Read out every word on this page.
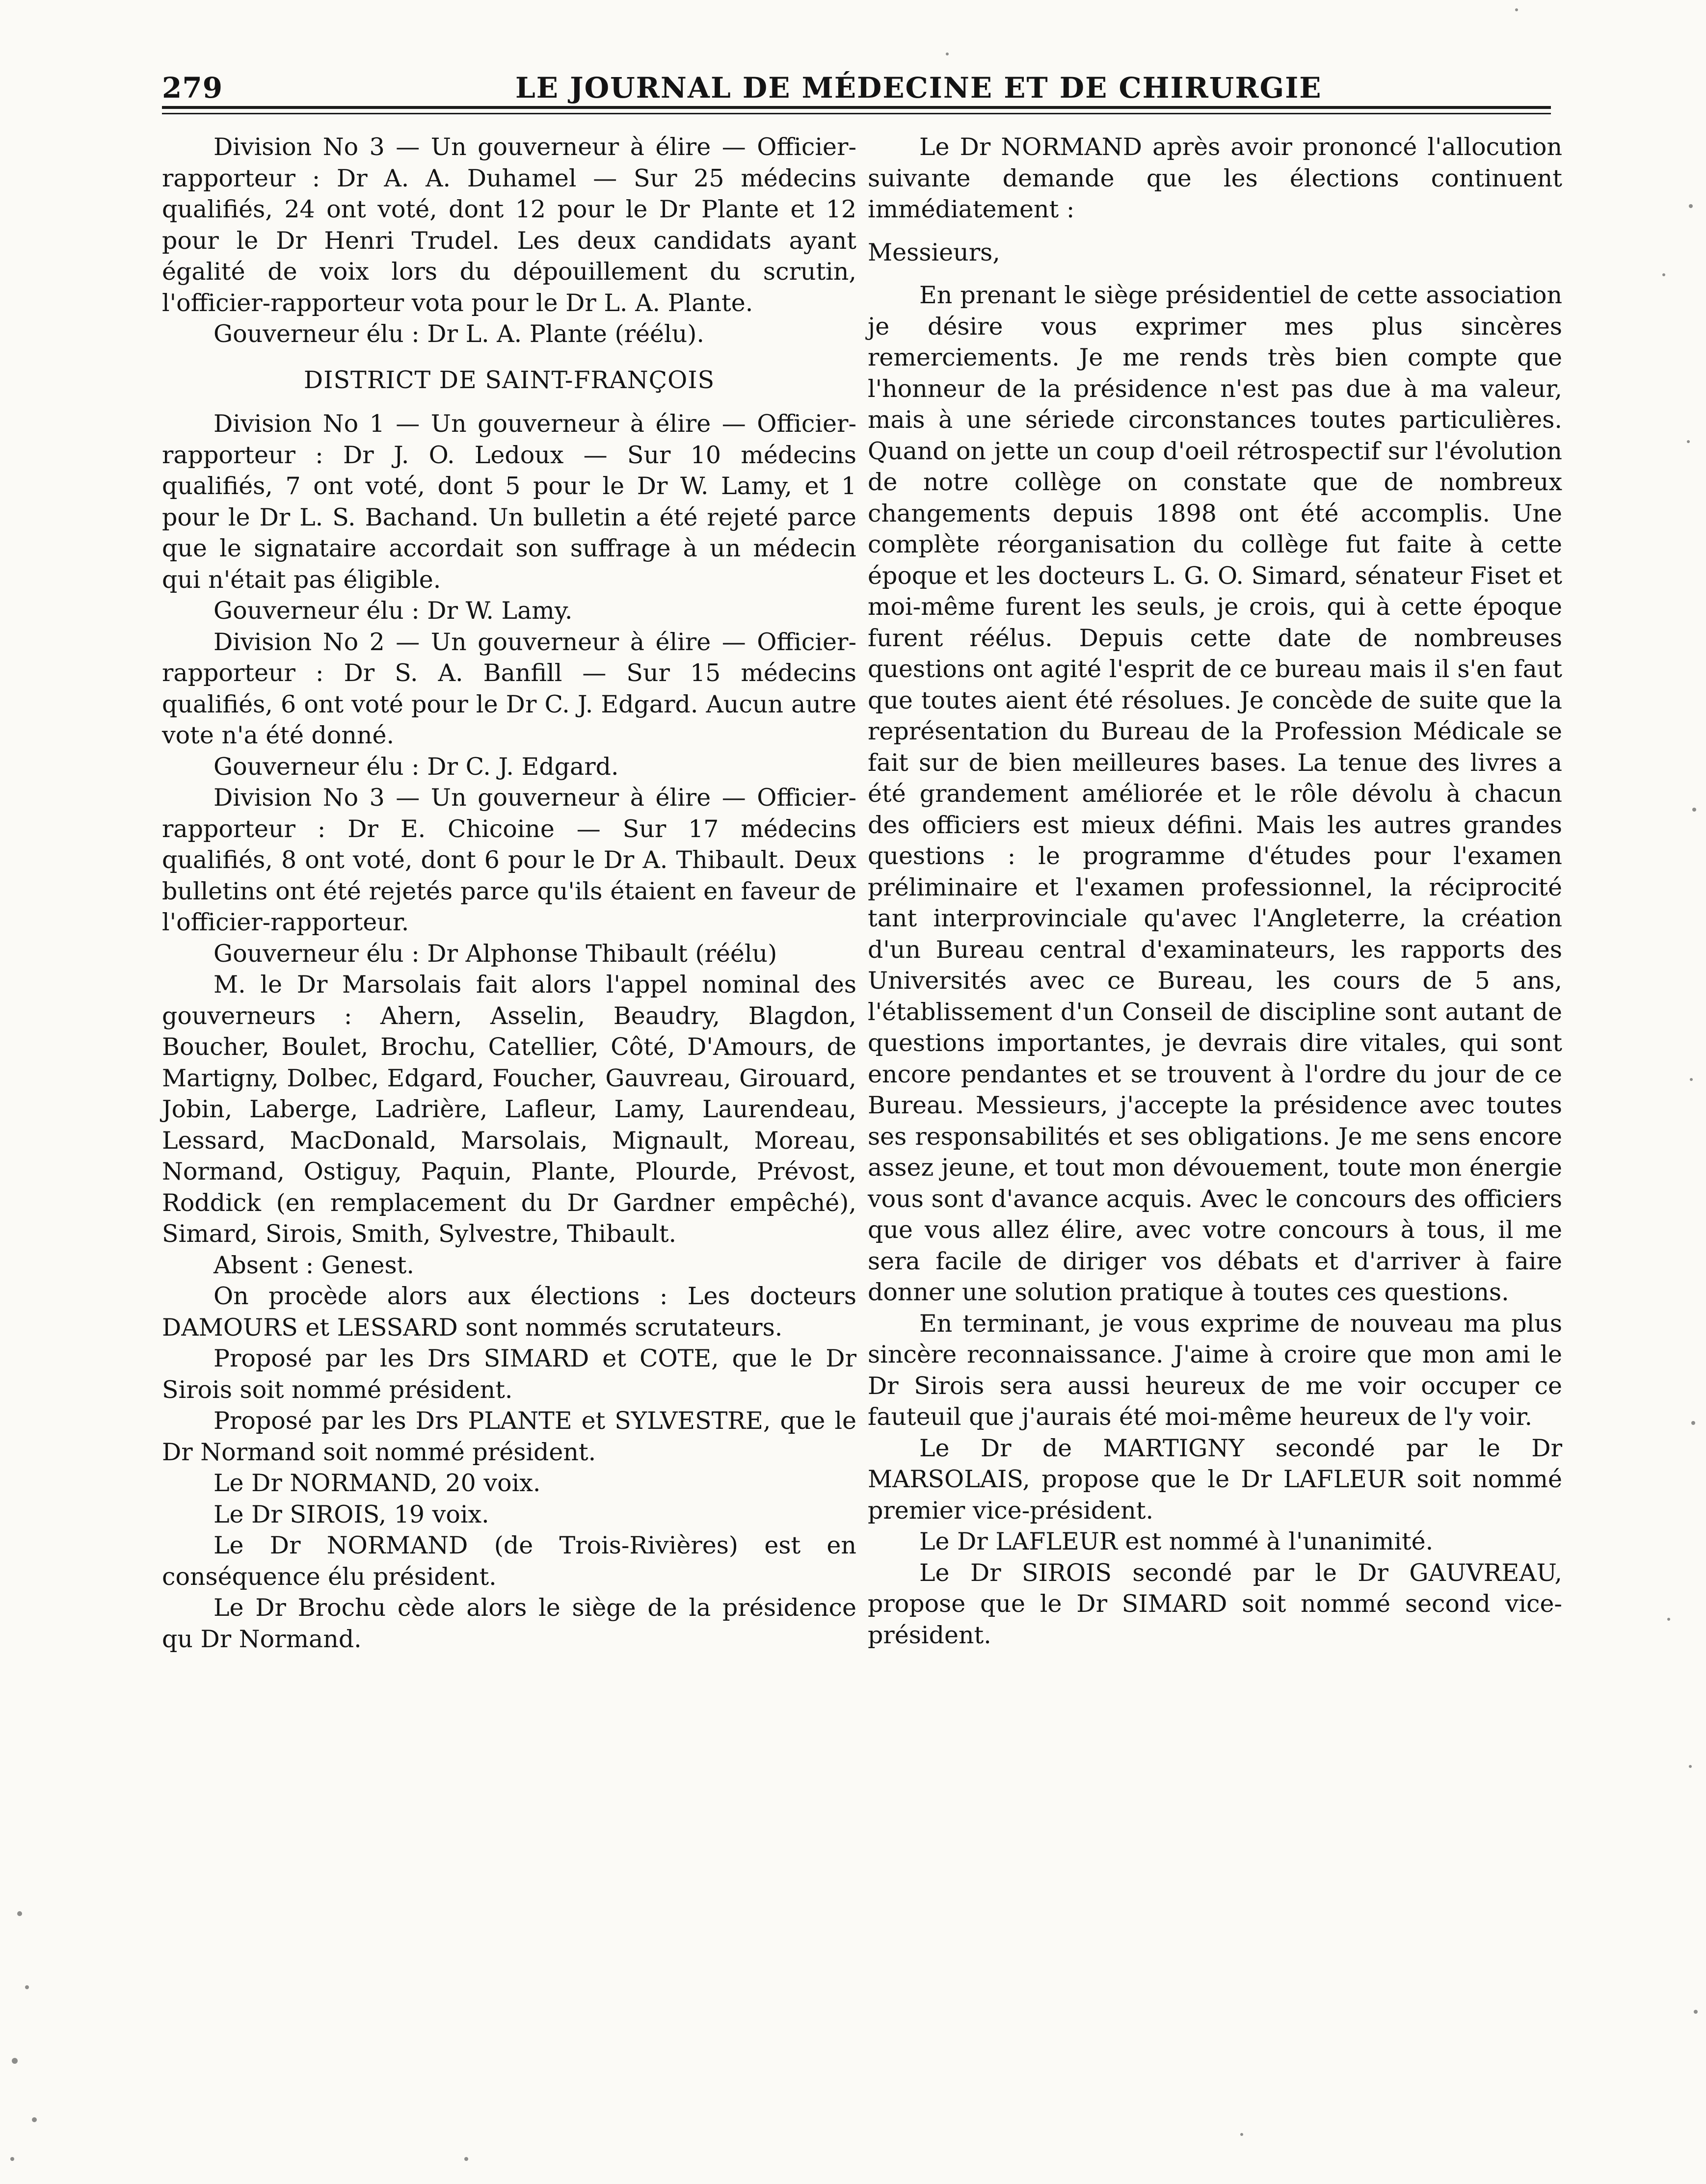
279	LE JOURNAL DE MÉDECINE ET DE CHIRURGIE

Division No 3 — Un gouverneur à élire — Officier-rapporteur : Dr A. A. Duhamel — Sur 25 médecins qualifiés, 24 ont voté, dont 12 pour le Dr Plante et 12 pour le Dr Henri Trudel. Les deux candidats ayant égalité de voix lors du dépouillement du scrutin, l'officier-rapporteur vota pour le Dr L. A. Plante.

Gouverneur élu : Dr L. A. Plante (réélu).

DISTRICT DE SAINT-FRANÇOIS

Division No 1 — Un gouverneur à élire — Officier-rapporteur : Dr J. O. Ledoux — Sur 10 médecins qualifiés, 7 ont voté, dont 5 pour le Dr W. Lamy, et 1 pour le Dr L. S. Bachand. Un bulletin a été rejeté parce que le signataire accordait son suffrage à un médecin qui n'était pas éligible.

Gouverneur élu : Dr W. Lamy.

Division No 2 — Un gouverneur à élire — Officier-rapporteur : Dr S. A. Banfill — Sur 15 médecins qualifiés, 6 ont voté pour le Dr C. J. Edgard. Aucun autre vote n'a été donné.

Gouverneur élu : Dr C. J. Edgard.

Division No 3 — Un gouverneur à élire — Officier-rapporteur : Dr E. Chicoine — Sur 17 médecins qualifiés, 8 ont voté, dont 6 pour le Dr A. Thibault. Deux bulletins ont été rejetés parce qu'ils étaient en faveur de l'officier-rapporteur.

Gouverneur élu : Dr Alphonse Thibault (réélu)

M. le Dr Marsolais fait alors l'appel nominal des gouverneurs : Ahern, Asselin, Beaudry, Blagdon, Boucher, Boulet, Brochu, Catellier, Côté, D'Amours, de Martigny, Dolbec, Edgard, Foucher, Gauvreau, Girouard, Jobin, Laberge, Ladrière, Lafleur, Lamy, Laurendeau, Lessard, MacDonald, Marsolais, Mignault, Moreau, Normand, Ostiguy, Paquin, Plante, Plourde, Prévost, Roddick (en remplacement du Dr Gardner empêché), Simard, Sirois, Smith, Sylvestre, Thibault.

Absent : Genest.

On procède alors aux élections : Les docteurs DAMOURS et LESSARD sont nommés scrutateurs.

Proposé par les Drs SIMARD et COTE, que le Dr Sirois soit nommé président.

Proposé par les Drs PLANTE et SYLVESTRE, que le Dr Normand soit nommé président.

Le Dr NORMAND, 20 voix.

Le Dr SIROIS, 19 voix.

Le Dr NORMAND (de Trois-Rivières) est en conséquence élu président.

Le Dr Brochu cède alors le siège de la présidence qu Dr Normand.

Le Dr NORMAND après avoir prononcé l'allocution suivante demande que les élections continuent immédiatement :

Messieurs,

En prenant le siège présidentiel de cette association je désire vous exprimer mes plus sincères remerciements. Je me rends très bien compte que l'honneur de la présidence n'est pas due à ma valeur, mais à une sériede circonstances toutes particulières. Quand on jette un coup d'oeil rétrospectif sur l'évolution de notre collège on constate que de nombreux changements depuis 1898 ont été accomplis. Une complète réorganisation du collège fut faite à cette époque et les docteurs L. G. O. Simard, sénateur Fiset et moi-même furent les seuls, je crois, qui à cette époque furent réélus. Depuis cette date de nombreuses questions ont agité l'esprit de ce bureau mais il s'en faut que toutes aient été résolues. Je concède de suite que la représentation du Bureau de la Profession Médicale se fait sur de bien meilleures bases. La tenue des livres a été grandement améliorée et le rôle dévolu à chacun des officiers est mieux défini. Mais les autres grandes questions : le programme d'études pour l'examen préliminaire et l'examen professionnel, la réciprocité tant interprovinciale qu'avec l'Angleterre, la création d'un Bureau central d'examinateurs, les rapports des Universités avec ce Bureau, les cours de 5 ans, l'établissement d'un Conseil de discipline sont autant de questions importantes, je devrais dire vitales, qui sont encore pendantes et se trouvent à l'ordre du jour de ce Bureau. Messieurs, j'accepte la présidence avec toutes ses responsabilités et ses obligations. Je me sens encore assez jeune, et tout mon dévouement, toute mon énergie vous sont d'avance acquis. Avec le concours des officiers que vous allez élire, avec votre concours à tous, il me sera facile de diriger vos débats et d'arriver à faire donner une solution pratique à toutes ces questions.

En terminant, je vous exprime de nouveau ma plus sincère reconnaissance. J'aime à croire que mon ami le Dr Sirois sera aussi heureux de me voir occuper ce fauteuil que j'aurais été moi-même heureux de l'y voir.

Le Dr de MARTIGNY secondé par le Dr MARSOLAIS, propose que le Dr LAFLEUR soit nommé premier vice-président.

Le Dr LAFLEUR est nommé à l'unanimité.

Le Dr SIROIS secondé par le Dr GAUVREAU, propose que le Dr SIMARD soit nommé second vice-président.
